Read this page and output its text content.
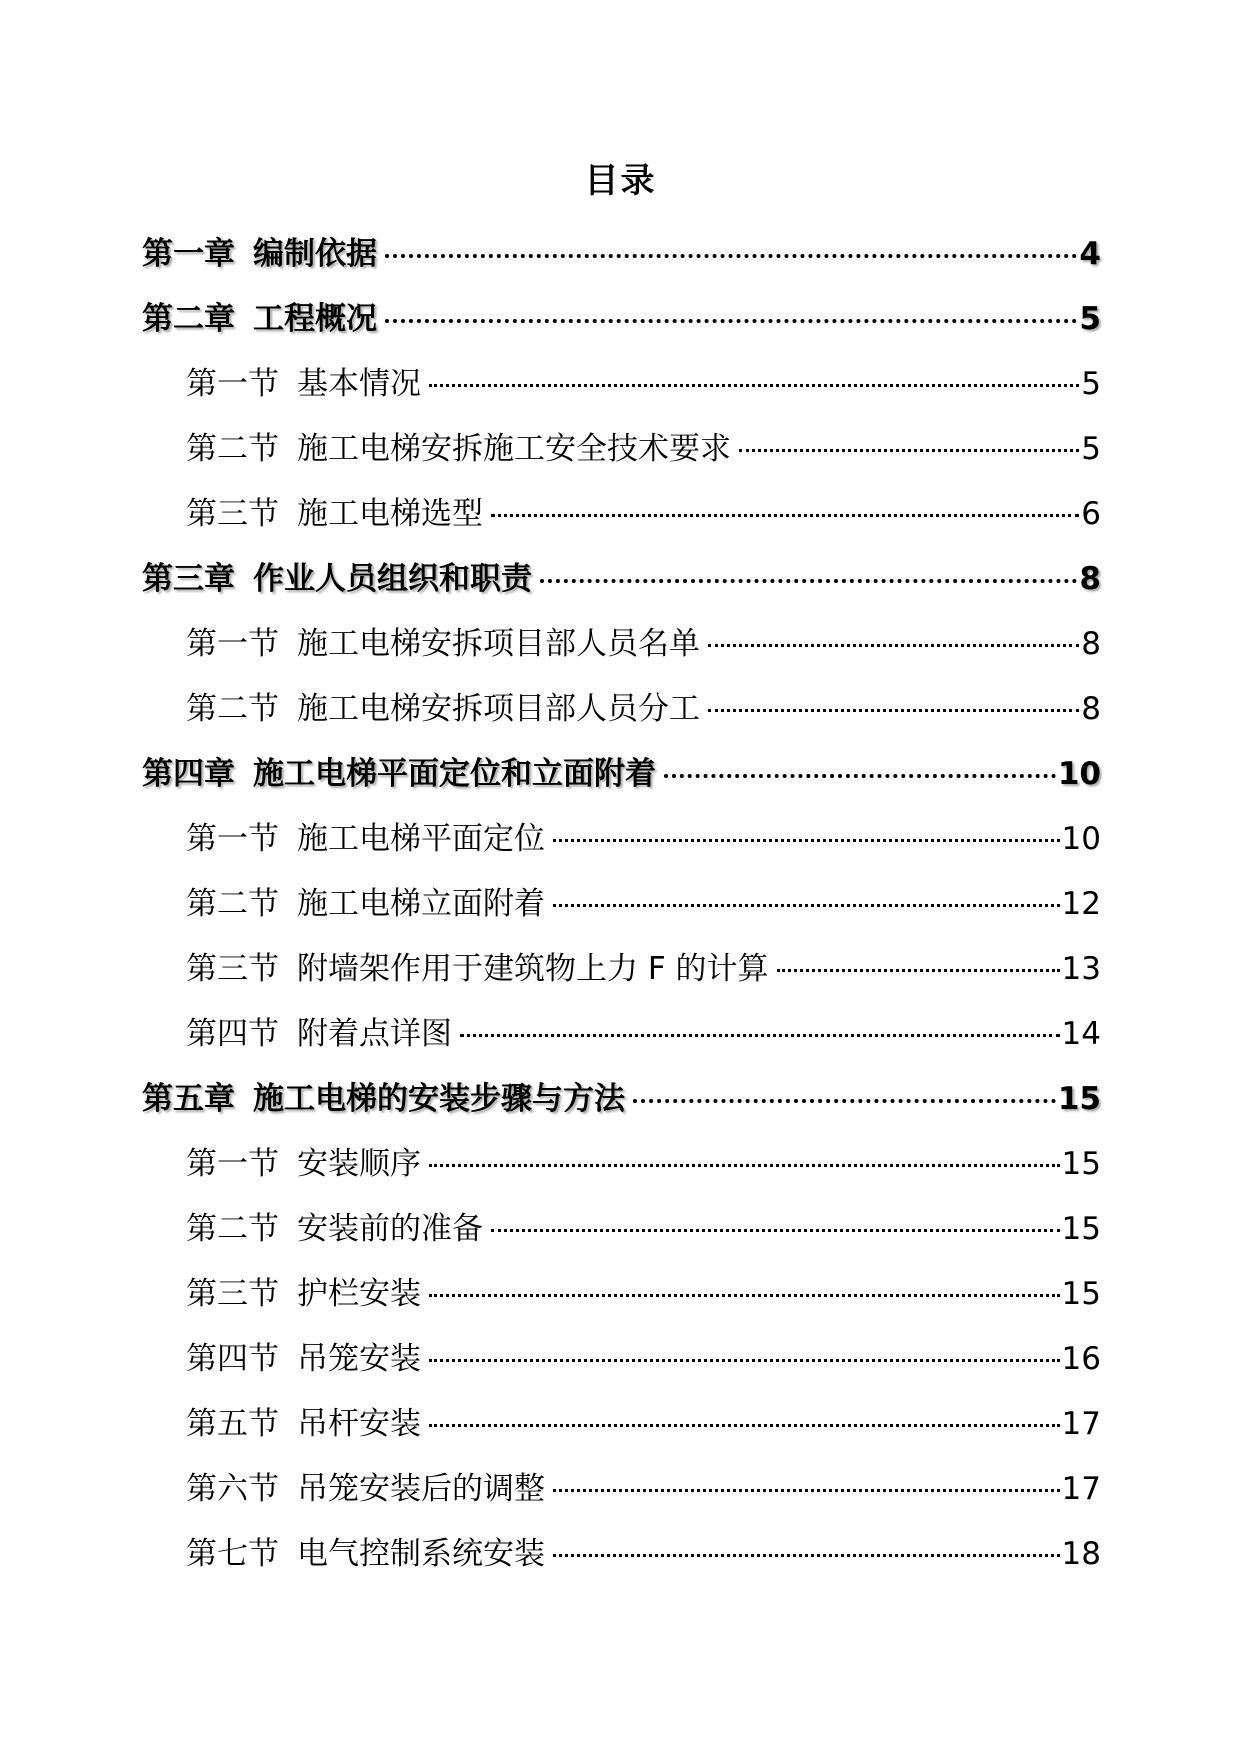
目录
第一章 编制依据	4
第二章 工程概况	5
第一节 基本情况	5
第二节 施工电梯安拆施工安全技术要求	5
第三节 施工电梯选型	6
第三章 作业人员组织和职责	8
第一节 施工电梯安拆项目部人员名单	8
第二节 施工电梯安拆项目部人员分工	8
第四章 施工电梯平面定位和立面附着	10
第一节 施工电梯平面定位	10
第二节 施工电梯立面附着	12
第三节 附墙架作用于建筑物上力 F 的计算	13
第四节 附着点详图	14
第五章 施工电梯的安装步骤与方法	15
第一节 安装顺序	15
第二节 安装前的准备	15
第三节 护栏安装	15
第四节 吊笼安装	16
第五节 吊杆安装	17
第六节 吊笼安装后的调整	17
第七节 电气控制系统安装	18
